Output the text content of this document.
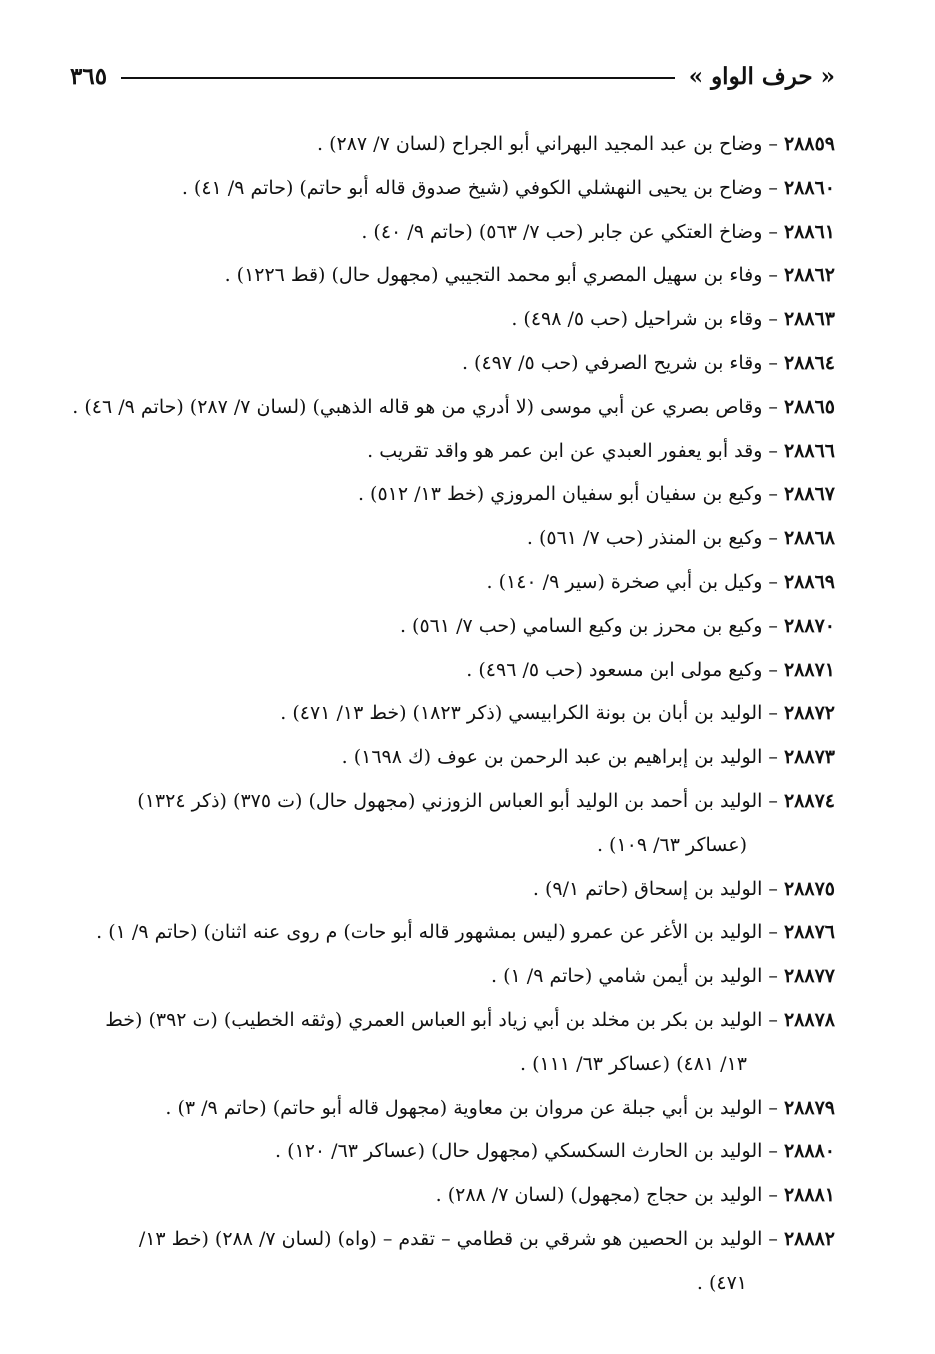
« حرف الواو »
٣٦٥

٢٨٨٥٩ – وضاح بن عبد المجيد البهراني أبو الجراح (لسان ٧/ ٢٨٧) .

٢٨٨٦٠ – وضاح بن يحيى النهشلي الكوفي (شيخ صدوق قاله أبو حاتم) (حاتم ٩/ ٤١) .

٢٨٨٦١ – وضاخ العتكي عن جابر (حب ٧/ ٥٦٣) (حاتم ٩/ ٤٠) .

٢٨٨٦٢ – وفاء بن سهيل المصري أبو محمد التجيبي (مجهول حال) (قط ١٢٢٦) .

٢٨٨٦٣ – وقاء بن شراحيل (حب ٥/ ٤٩٨) .

٢٨٨٦٤ – وقاء بن شريح الصرفي (حب ٥/ ٤٩٧) .

٢٨٨٦٥ – وقاص بصري عن أبي موسى (لا أدري من هو قاله الذهبي) (لسان ٧/ ٢٨٧) (حاتم ٩/ ٤٦) .

٢٨٨٦٦ – وقد أبو يعفور العبدي عن ابن عمر هو واقد تقريب .

٢٨٨٦٧ – وكيع بن سفيان أبو سفيان المروزي (خط ١٣/ ٥١٢) .

٢٨٨٦٨ – وكيع بن المنذر (حب ٧/ ٥٦١) .

٢٨٨٦٩ – وكيل بن أبي صخرة (سير ٩/ ١٤٠) .

٢٨٨٧٠ – وكيع بن محرز بن وكيع السامي (حب ٧/ ٥٦١) .

٢٨٨٧١ – وكيع مولى ابن مسعود (حب ٥/ ٤٩٦) .

٢٨٨٧٢ – الوليد بن أبان بن بونة الكرابيسي (ذكر ١٨٢٣) (خط ١٣/ ٤٧١) .

٢٨٨٧٣ – الوليد بن إبراهيم بن عبد الرحمن بن عوف (ك ١٦٩٨) .

٢٨٨٧٤ – الوليد بن أحمد بن الوليد أبو العباس الزوزني (مجهول حال) (ت ٣٧٥) (ذكر ١٣٢٤)
(عساكر ٦٣/ ١٠٩) .

٢٨٨٧٥ – الوليد بن إسحاق (حاتم ٩/١) .

٢٨٨٧٦ – الوليد بن الأغر عن عمرو (ليس بمشهور قاله أبو حات) م روى عنه اثنان) (حاتم ٩/ ١) .

٢٨٨٧٧ – الوليد بن أيمن شامي (حاتم ٩/ ١) .

٢٨٨٧٨ – الوليد بن بكر بن مخلد بن أبي زياد أبو العباس العمري (وثقه الخطيب) (ت ٣٩٢) (خط
١٣/ ٤٨١) (عساكر ٦٣/ ١١١) .

٢٨٨٧٩ – الوليد بن أبي جبلة عن مروان بن معاوية (مجهول قاله أبو حاتم) (حاتم ٩/ ٣) .

٢٨٨٨٠ – الوليد بن الحارث السكسكي (مجهول حال) (عساكر ٦٣/ ١٢٠) .

٢٨٨٨١ – الوليد بن حجاج (مجهول) (لسان ٧/ ٢٨٨) .

٢٨٨٨٢ – الوليد بن الحصين هو شرقي بن قطامي – تقدم – (واه) (لسان ٧/ ٢٨٨) (خط ١٣/
٤٧١) .
